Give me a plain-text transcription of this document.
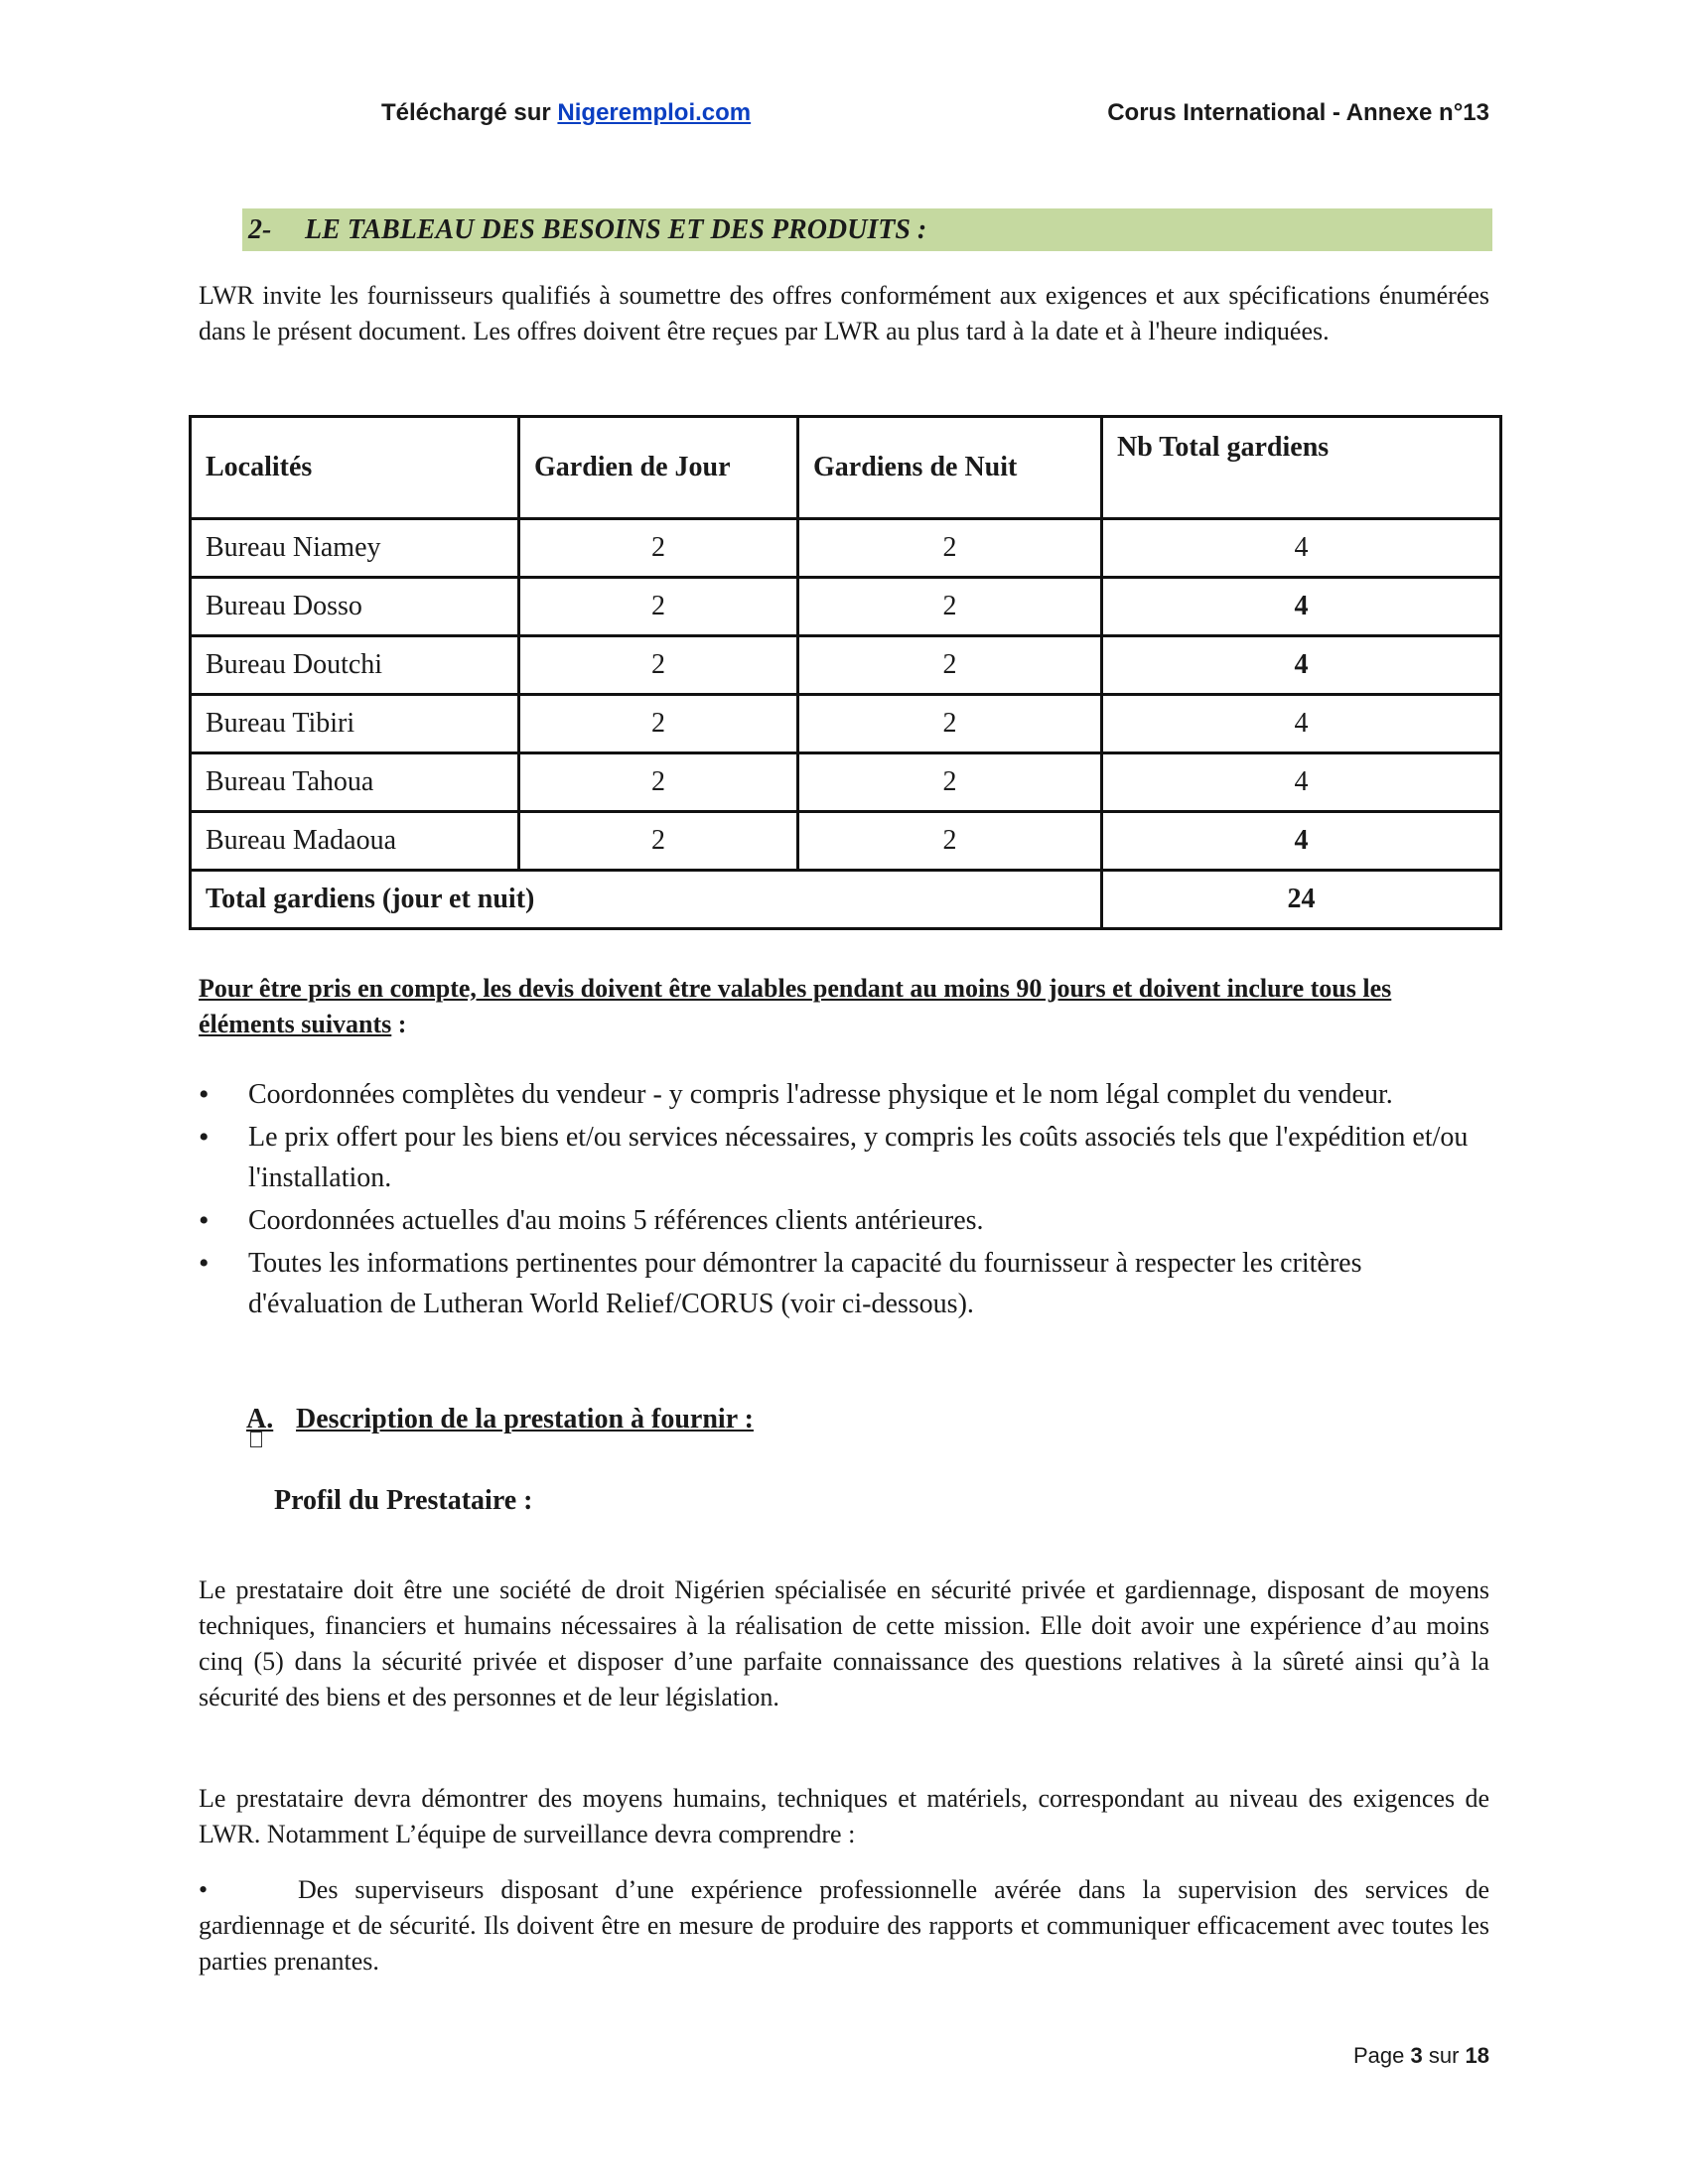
Téléchargé sur Nigeremploi.com	Corus International - Annexe n°13
2- LE TABLEAU DES BESOINS ET DES PRODUITS :
LWR invite les fournisseurs qualifiés à soumettre des offres conformément aux exigences et aux spécifications énumérées dans le présent document. Les offres doivent être reçues par LWR au plus tard à la date et à l'heure indiquées.
Localités	Gardien de Jour	Gardiens de Nuit	Nb Total gardiens
Bureau Niamey	2	2	4
Bureau Dosso	2	2	4
Bureau Doutchi	2	2	4
Bureau Tibiri	2	2	4
Bureau Tahoua	2	2	4
Bureau Madaoua	2	2	4
Total gardiens (jour et nuit)			24
Pour être pris en compte, les devis doivent être valables pendant au moins 90 jours et doivent inclure tous les éléments suivants :
• Coordonnées complètes du vendeur - y compris l'adresse physique et le nom légal complet du vendeur.
• Le prix offert pour les biens et/ou services nécessaires, y compris les coûts associés tels que l'expédition et/ou l'installation.
• Coordonnées actuelles d'au moins 5 références clients antérieures.
• Toutes les informations pertinentes pour démontrer la capacité du fournisseur à respecter les critères d'évaluation de Lutheran World Relief/CORUS (voir ci-dessous).
A. Description de la prestation à fournir :
Profil du Prestataire :
Le prestataire doit être une société de droit Nigérien spécialisée en sécurité privée et gardiennage, disposant de moyens techniques, financiers et humains nécessaires à la réalisation de cette mission. Elle doit avoir une expérience d’au moins cinq (5) dans la sécurité privée et disposer d’une parfaite connaissance des questions relatives à la sûreté ainsi qu’à la sécurité des biens et des personnes et de leur législation.
Le prestataire devra démontrer des moyens humains, techniques et matériels, correspondant au niveau des exigences de LWR. Notamment L’équipe de surveillance devra comprendre :
•	Des superviseurs disposant d’une expérience professionnelle avérée dans la supervision des services de gardiennage et de sécurité. Ils doivent être en mesure de produire des rapports et communiquer efficacement avec toutes les parties prenantes.
Page 3 sur 18
